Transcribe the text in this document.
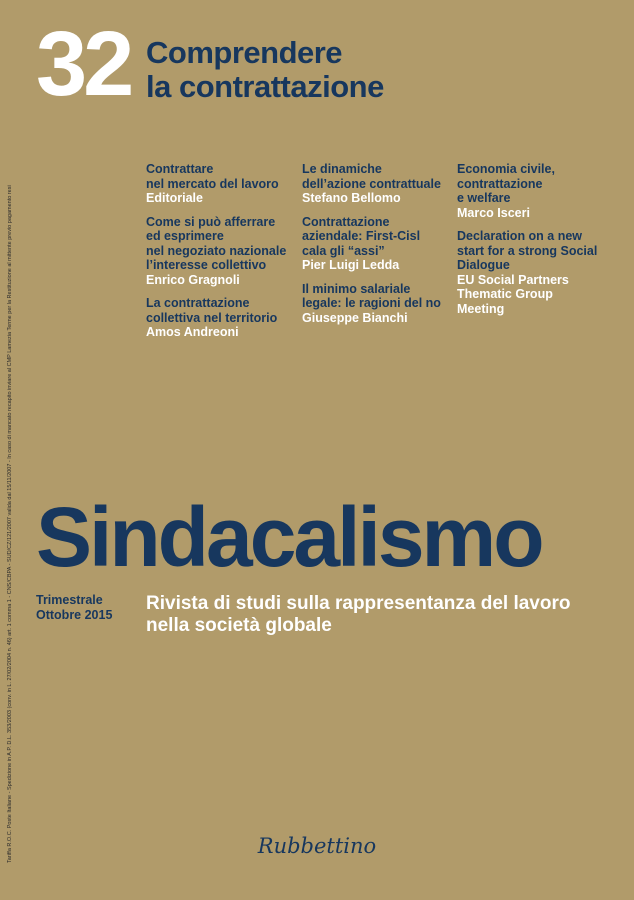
32 Comprendere
la contrattazione
Contrattare
nel mercato del lavoro
Editoriale
Come si può afferrare
ed esprimere
nel negoziato nazionale
l’interesse collettivo
Enrico Gragnoli
La contrattazione
collettiva nel territorio
Amos Andreoni
Le dinamiche
dell’azione contrattuale
Stefano Bellomo
Contrattazione
aziendale: First-Cisl
cala gli “assi”
Pier Luigi Ledda
Il minimo salariale
legale: le ragioni del no
Giuseppe Bianchi
Economia civile,
contrattazione
e welfare
Marco Isceri
Declaration on a new
start for a strong Social
Dialogue
EU Social Partners
Thematic Group
Meeting
Sindacalismo
Trimestrale
Ottobre 2015
Rivista di studi sulla rappresentanza del lavoro
nella società globale
Tariffa R.O.C. Poste Italiane - Spedizione in A.P. D.L. 353/2003 (conv. in L. 27/02/2004 n. 46) art. 1 comma 1 - CNS/CBPA - SUD/CZ/121/2007 valida dal 15/11/2007 - In caso di mancato recapito inviare al CMP Lamezia Terme per la Restituzione al mittente previo pagamento resi	Rubbettino
